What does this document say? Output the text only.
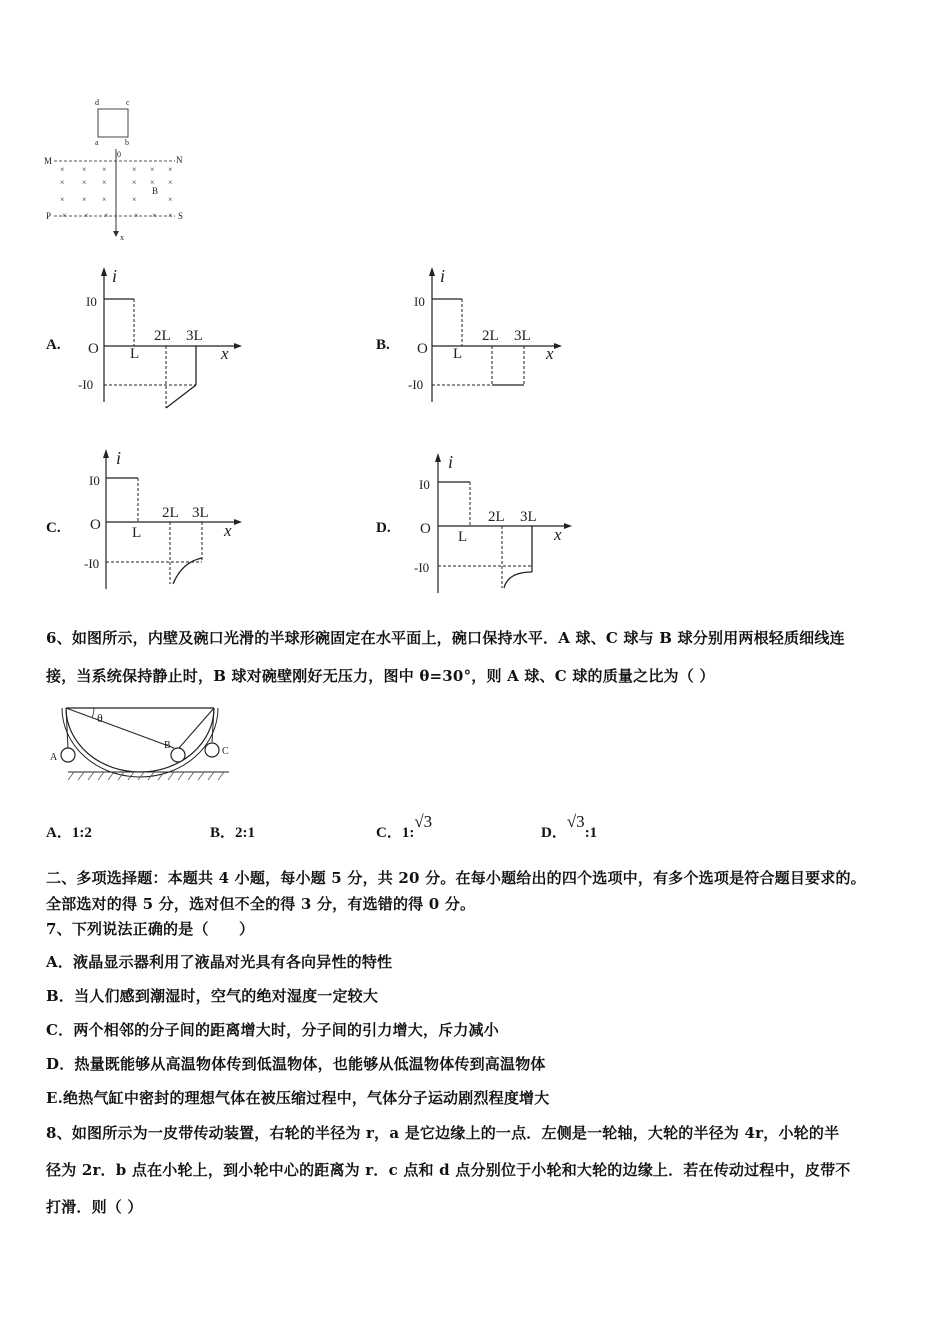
d	c
a	b
0
M	N
P	S
x
B
× × ×	× × ×
× × ×	× × ×
× × ×	×	×
× × ×	× × ×
A.
i
I0
O
-I0
L
2L 3L
x	B.
i
I0
O
-I0
L
2L 3L
x
C.
i
I0
O
-I0
L
2L 3L
x	D.
i
I0
O
-I0
L
2L 3L
x
6、如图所示，内壁及碗口光滑的半球形碗固定在水平面上，碗口保持水平．A 球、C 球与 B 球分别用两根轻质细线连
接，当系统保持静止时，B 球对碗壁刚好无压力，图中 θ=30°，则 A 球、C 球的质量之比为（ ）
A
B
C
θ
A．1:2	B．2:1	C．1:√3
D．√3:1
二、多项选择题：本题共 4 小题，每小题 5 分，共 20 分。在每小题给出的四个选项中，有多个选项是符合题目要求的。
全部选对的得 5 分，选对但不全的得 3 分，有选错的得 0 分。
7、下列说法正确的是（　　）
A．液晶显示器利用了液晶对光具有各向异性的特性
B．当人们感到潮湿时，空气的绝对湿度一定较大
C．两个相邻的分子间的距离增大时，分子间的引力增大，斥力减小
D．热量既能够从高温物体传到低温物体，也能够从低温物体传到高温物体
E.绝热气缸中密封的理想气体在被压缩过程中，气体分子运动剧烈程度增大
8、如图所示为一皮带传动装置，右轮的半径为 r，a 是它边缘上的一点．左侧是一轮轴，大轮的半径为 4r，小轮的半
径为 2r．b 点在小轮上，到小轮中心的距离为 r．c 点和 d 点分别位于小轮和大轮的边缘上．若在传动过程中，皮带不
打滑．则（ ）
